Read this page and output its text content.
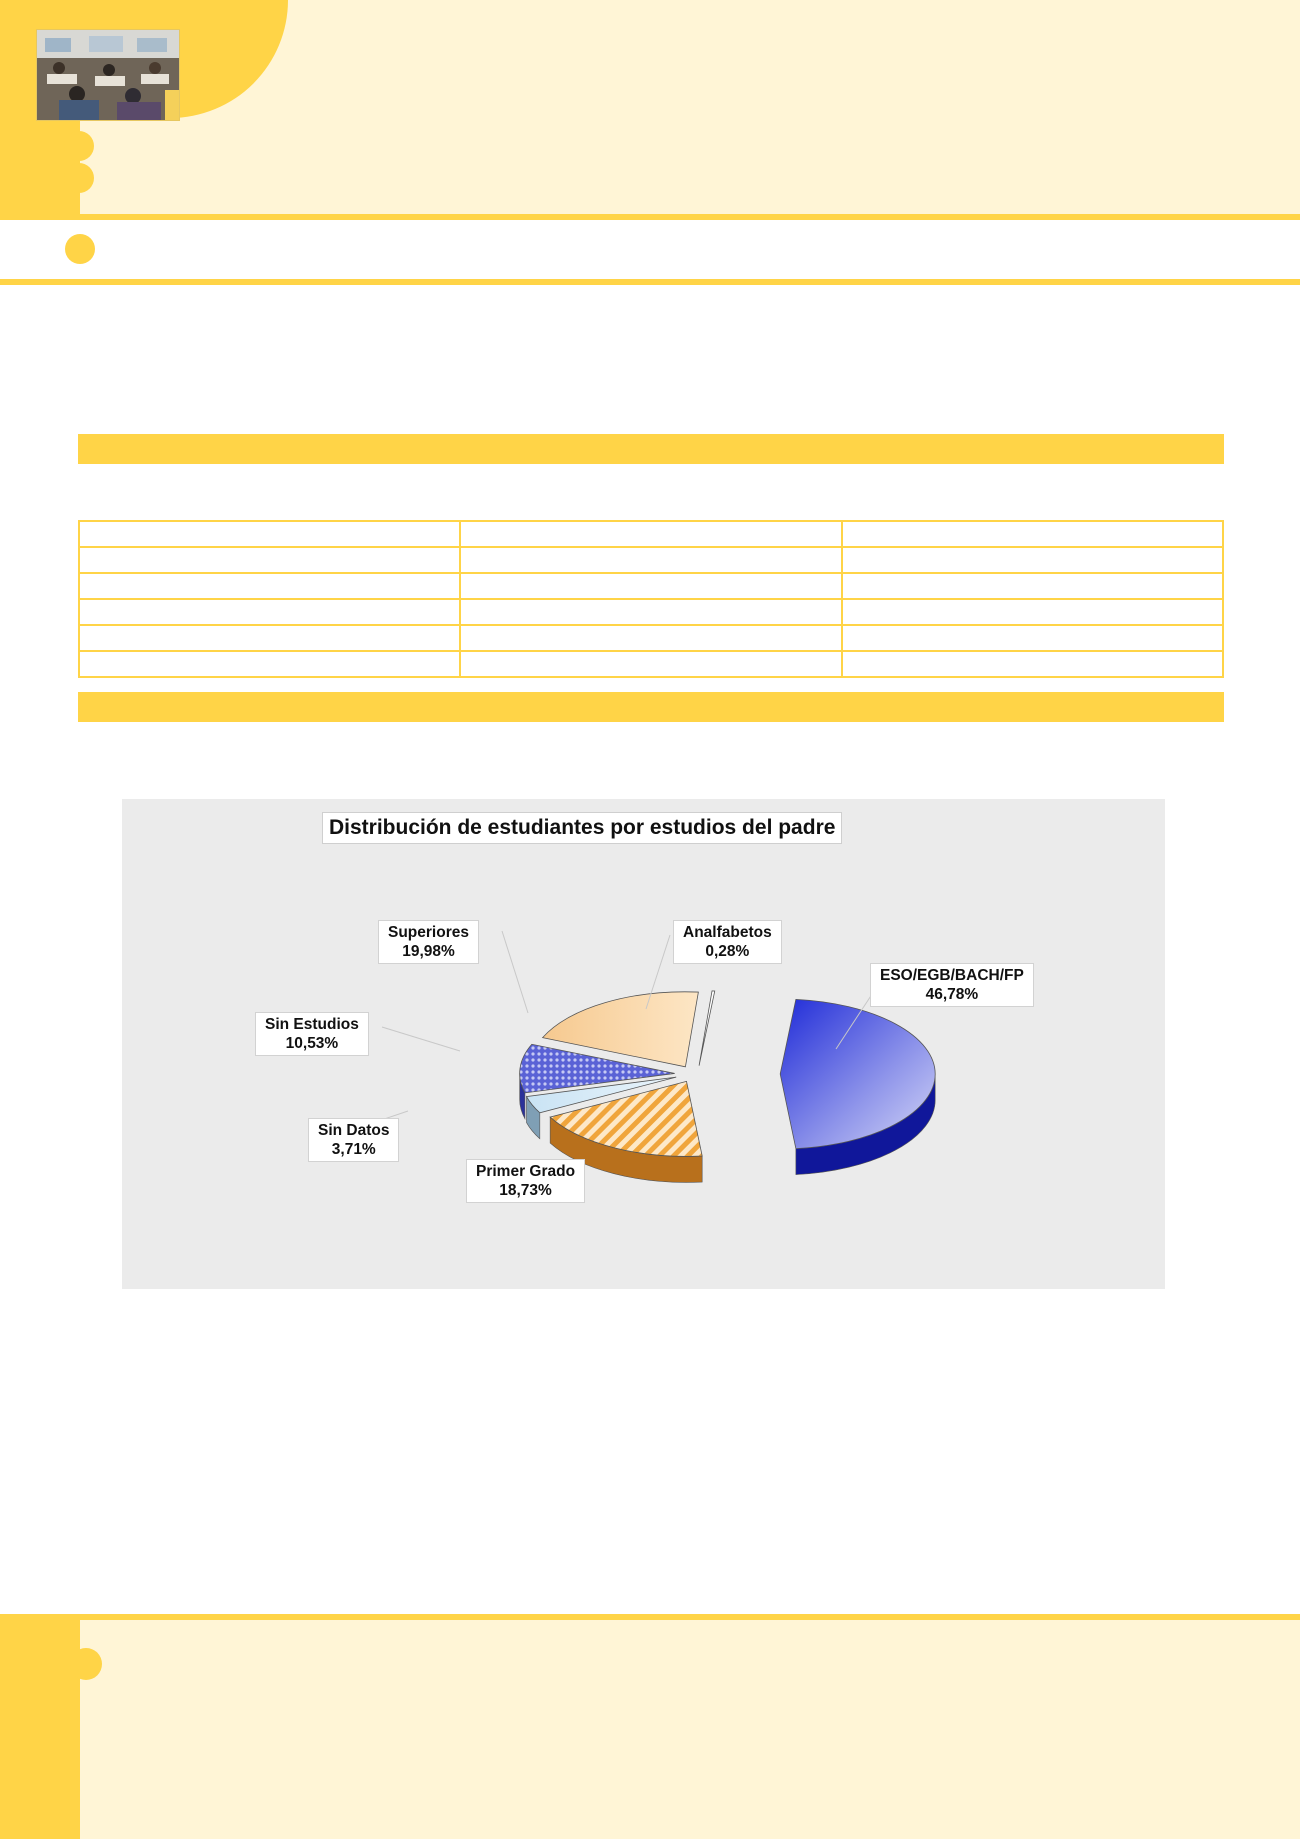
Distribución de estudiantes por estudios del padre
Superiores
19,98%
Analfabetos
0,28%
ESO/EGB/BACH/FP
46,78%
Sin Estudios
10,53%
Sin Datos
3,71%
Primer Grado
18,73%
